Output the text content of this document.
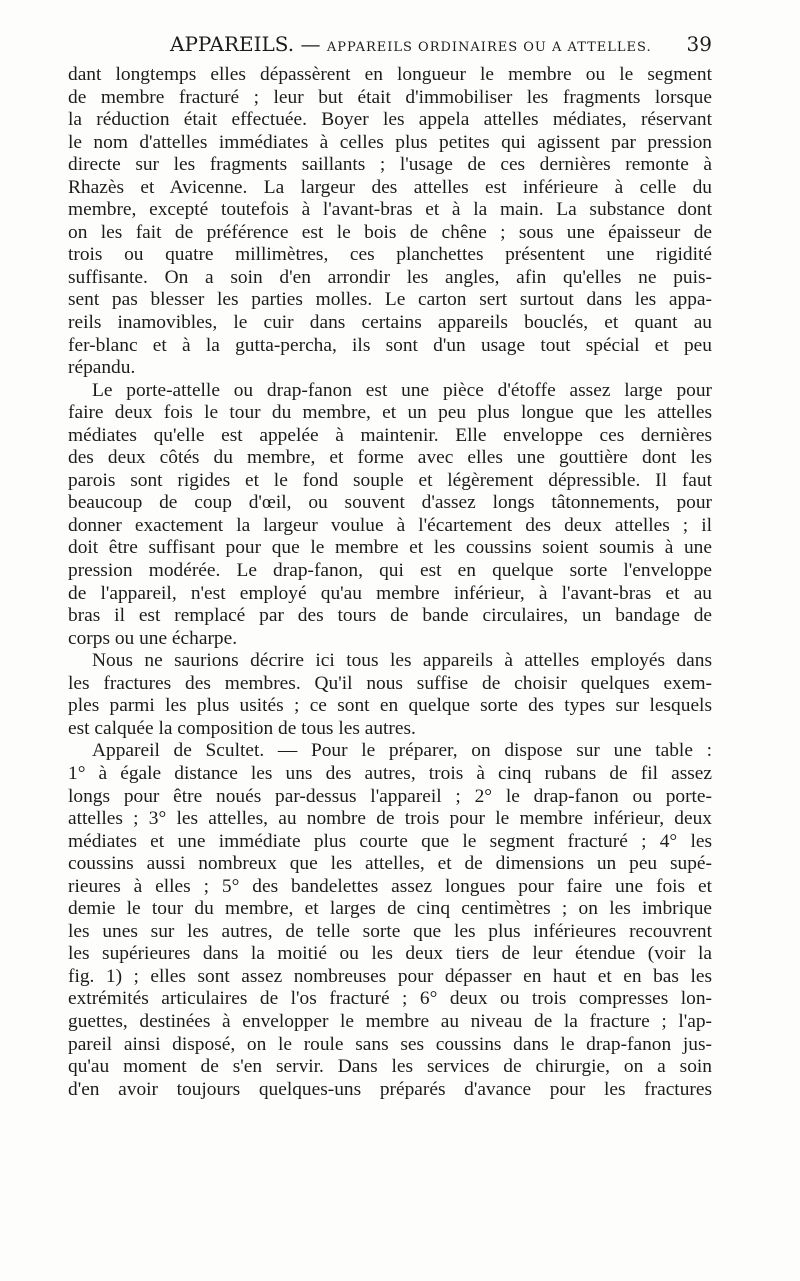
APPAREILS. — APPAREILS ORDINAIRES OU A ATTELLES. 39

dant longtemps elles dépassèrent en longueur le membre ou le segment
de membre fracturé ; leur but était d'immobiliser les fragments lorsque
la réduction était effectuée. Boyer les appela attelles médiates, réservant
le nom d'attelles immédiates à celles plus petites qui agissent par pression
directe sur les fragments saillants ; l'usage de ces dernières remonte à
Rhazès et Avicenne. La largeur des attelles est inférieure à celle du
membre, excepté toutefois à l'avant-bras et à la main. La substance dont
on les fait de préférence est le bois de chêne ; sous une épaisseur de
trois ou quatre millimètres, ces planchettes présentent une rigidité
suffisante. On a soin d'en arrondir les angles, afin qu'elles ne puis-
sent pas blesser les parties molles. Le carton sert surtout dans les appa-
reils inamovibles, le cuir dans certains appareils bouclés, et quant au
fer-blanc et à la gutta-percha, ils sont d'un usage tout spécial et peu
répandu.

Le porte-attelle ou drap-fanon est une pièce d'étoffe assez large pour
faire deux fois le tour du membre, et un peu plus longue que les attelles
médiates qu'elle est appelée à maintenir. Elle enveloppe ces dernières
des deux côtés du membre, et forme avec elles une gouttière dont les
parois sont rigides et le fond souple et légèrement dépressible. Il faut
beaucoup de coup d'œil, ou souvent d'assez longs tâtonnements, pour
donner exactement la largeur voulue à l'écartement des deux attelles ; il
doit être suffisant pour que le membre et les coussins soient soumis à une
pression modérée. Le drap-fanon, qui est en quelque sorte l'enveloppe
de l'appareil, n'est employé qu'au membre inférieur, à l'avant-bras et au
bras il est remplacé par des tours de bande circulaires, un bandage de
corps ou une écharpe.

Nous ne saurions décrire ici tous les appareils à attelles employés dans
les fractures des membres. Qu'il nous suffise de choisir quelques exem-
ples parmi les plus usités ; ce sont en quelque sorte des types sur lesquels
est calquée la composition de tous les autres.

Appareil de Scultet. — Pour le préparer, on dispose sur une table :
1° à égale distance les uns des autres, trois à cinq rubans de fil assez
longs pour être noués par-dessus l'appareil ; 2° le drap-fanon ou porte-
attelles ; 3° les attelles, au nombre de trois pour le membre inférieur, deux
médiates et une immédiate plus courte que le segment fracturé ; 4° les
coussins aussi nombreux que les attelles, et de dimensions un peu supé-
rieures à elles ; 5° des bandelettes assez longues pour faire une fois et
demie le tour du membre, et larges de cinq centimètres ; on les imbrique
les unes sur les autres, de telle sorte que les plus inférieures recouvrent
les supérieures dans la moitié ou les deux tiers de leur étendue (voir la
fig. 1) ; elles sont assez nombreuses pour dépasser en haut et en bas les
extrémités articulaires de l'os fracturé ; 6° deux ou trois compresses lon-
guettes, destinées à envelopper le membre au niveau de la fracture ; l'ap-
pareil ainsi disposé, on le roule sans ses coussins dans le drap-fanon jus-
qu'au moment de s'en servir. Dans les services de chirurgie, on a soin
d'en avoir toujours quelques-uns préparés d'avance pour les fractures
